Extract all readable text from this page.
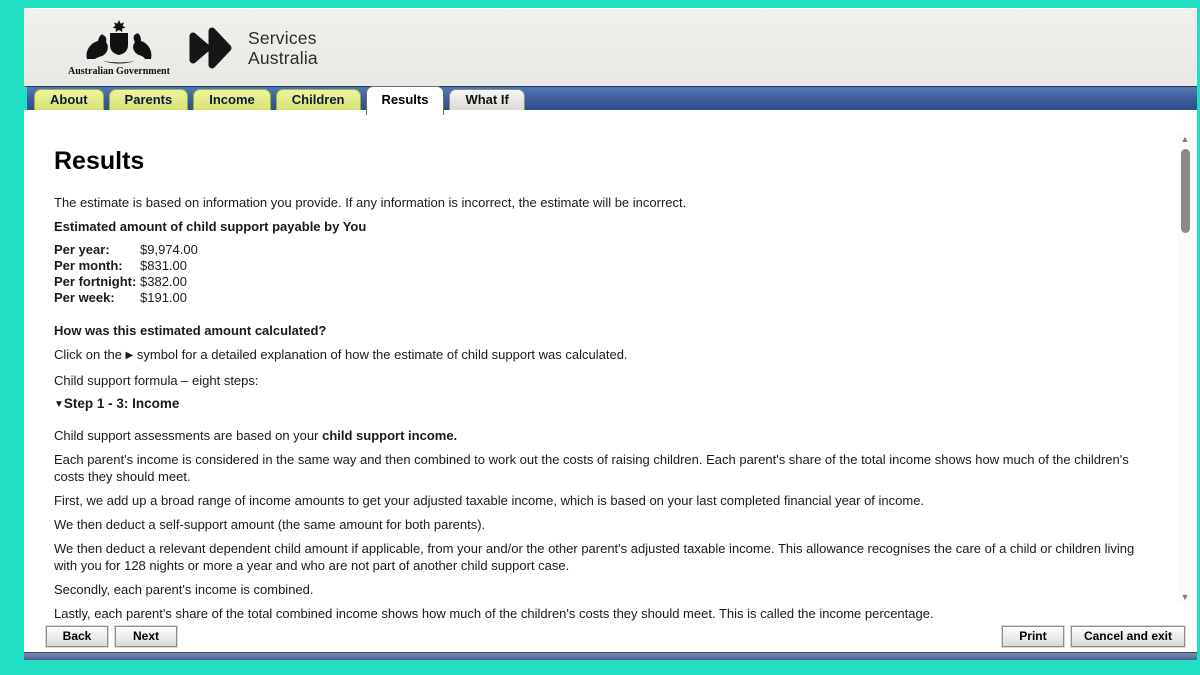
Australian Government
Services
Australia
About	Parents	Income	Children	Results	What If
Results

The estimate is based on information you provide. If any information is incorrect, the estimate will be incorrect.

Estimated amount of child support payable by You

Per year:	$9,974.00
Per month:	$831.00
Per fortnight: $382.00
Per week:	$191.00

How was this estimated amount calculated?

Click on the ▶ symbol for a detailed explanation of how the estimate of child support was calculated.

Child support formula – eight steps:

▼Step 1 - 3: Income

Child support assessments are based on your child support income.

Each parent's income is considered in the same way and then combined to work out the costs of raising children. Each parent's share of the total income shows how much of the children's costs they should meet.

First, we add up a broad range of income amounts to get your adjusted taxable income, which is based on your last completed financial year of income.

We then deduct a self-support amount (the same amount for both parents).

We then deduct a relevant dependent child amount if applicable, from your and/or the other parent's adjusted taxable income. This allowance recognises the care of a child or children living with you for 128 nights or more a year and who are not part of another child support case.

Secondly, each parent's income is combined.

Lastly, each parent's share of the total combined income shows how much of the children's costs they should meet. This is called the income percentage.

▲
▼
Back	Next	Print	Cancel and exit
